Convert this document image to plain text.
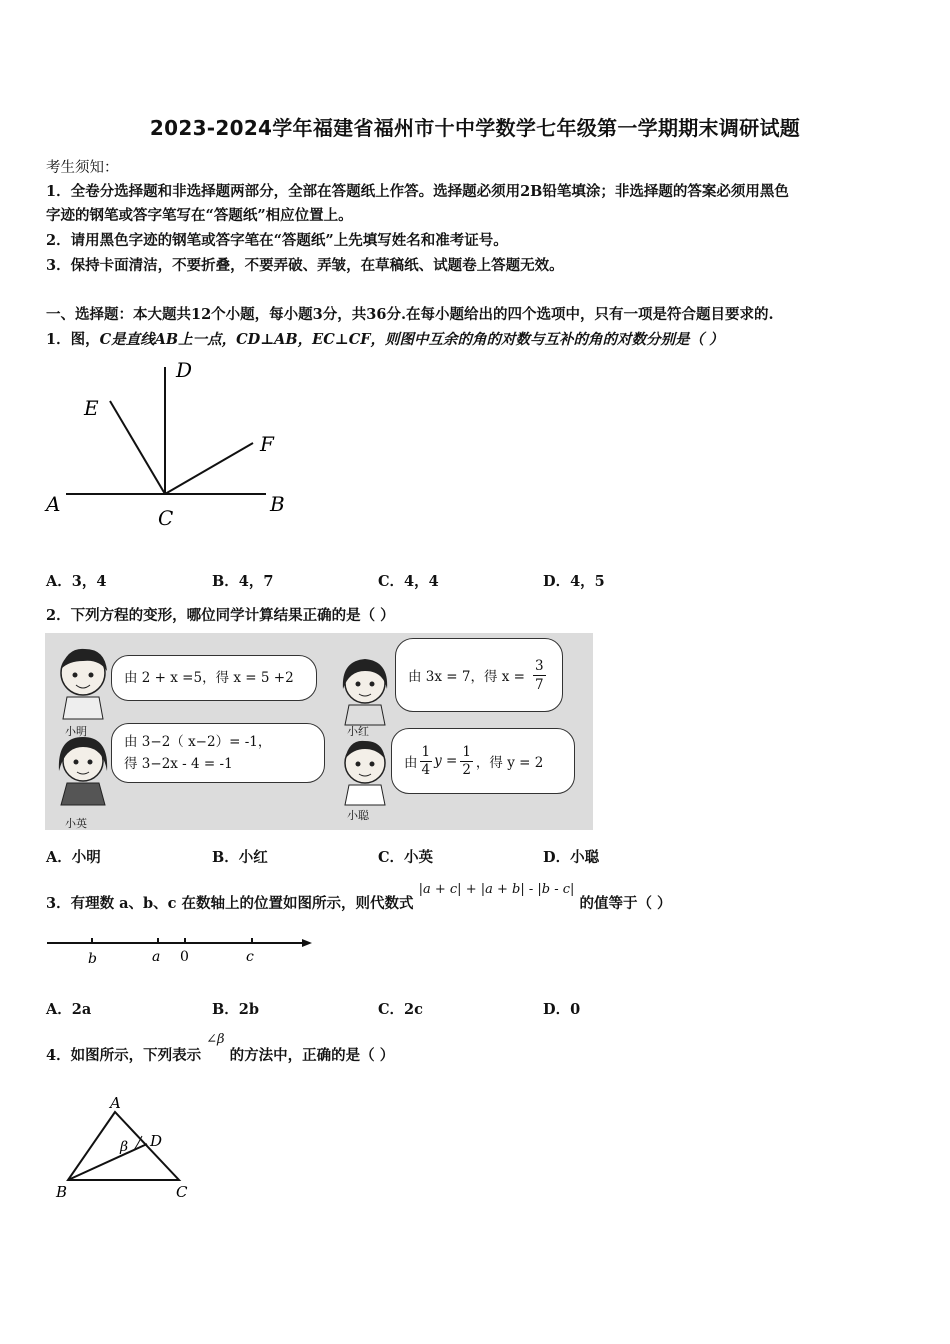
2023-2024学年福建省福州市十中学数学七年级第一学期期末调研试题
考生须知：
1．全卷分选择题和非选择题两部分，全部在答题纸上作答。选择题必须用2B铅笔填涂；非选择题的答案必须用黑色
字迹的钢笔或答字笔写在“答题纸”相应位置上。
2．请用黑色字迹的钢笔或答字笔在“答题纸”上先填写姓名和准考证号。
3．保持卡面清洁，不要折叠，不要弄破、弄皱，在草稿纸、试题卷上答题无效。
一、选择题：本大题共12个小题，每小题3分，共36分.在每小题给出的四个选项中，只有一项是符合题目要求的.
1．图，C是直线AB上一点，CD⊥AB，EC⊥CF，则图中互余的角的对数与互补的角的对数分别是（ ）
A	B
C
D
E
F
A．3，4	B．4，7	C．4，4	D．4，5
2．下列方程的变形，哪位同学计算结果正确的是（ ）
小明	小红
小英
小聪
由 2 + x =5，得 x = 5 +2	由 3x = 7，得 $x = \frac{3}{7}$
由 3−2（ x−2）= -1，
得 3−2x - 4 = -1	由 $\frac{1}{4}$ $y = \frac{1}{2}$ ，得 y = 2
A．小明	B．小红	C．小英	D．小聪
3．有理数 a、b、c 在数轴上的位置如图所示，则代数式 |a + c| + |a + b| - |b - c| 的值等于（ ）
b	a 0	c
A．2a	B．2b	C．2c	D．0
4．如图所示，下列表示 ∠β 的方法中，正确的是（ ）
A
B	C
D
β
